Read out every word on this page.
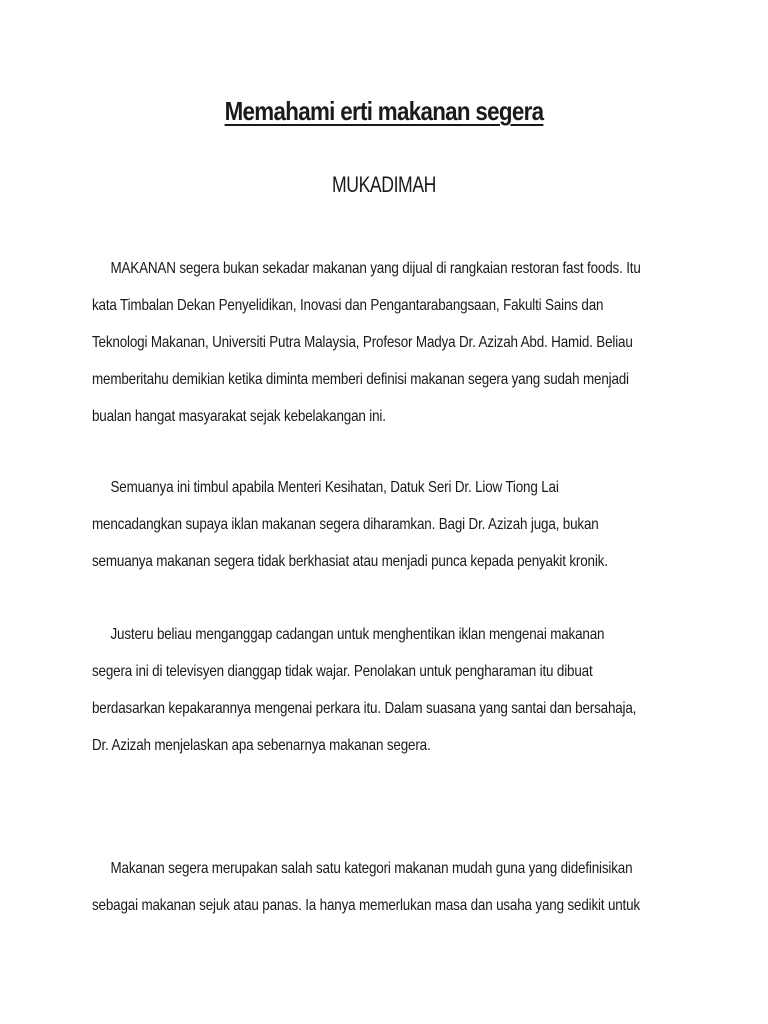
Memahami erti makanan segera
MUKADIMAH
MAKANAN segera bukan sekadar makanan yang dijual di rangkaian restoran fast foods. Itu
kata Timbalan Dekan Penyelidikan, Inovasi dan Pengantarabangsaan, Fakulti Sains dan
Teknologi Makanan, Universiti Putra Malaysia, Profesor Madya Dr. Azizah Abd. Hamid. Beliau
memberitahu demikian ketika diminta memberi definisi makanan segera yang sudah menjadi
bualan hangat masyarakat sejak kebelakangan ini.
Semuanya ini timbul apabila Menteri Kesihatan, Datuk Seri Dr. Liow Tiong Lai
mencadangkan supaya iklan makanan segera diharamkan. Bagi Dr. Azizah juga, bukan
semuanya makanan segera tidak berkhasiat atau menjadi punca kepada penyakit kronik.
Justeru beliau menganggap cadangan untuk menghentikan iklan mengenai makanan
segera ini di televisyen dianggap tidak wajar. Penolakan untuk pengharaman itu dibuat
berdasarkan kepakarannya mengenai perkara itu. Dalam suasana yang santai dan bersahaja,
Dr. Azizah menjelaskan apa sebenarnya makanan segera.
Makanan segera merupakan salah satu kategori makanan mudah guna yang didefinisikan
sebagai makanan sejuk atau panas. Ia hanya memerlukan masa dan usaha yang sedikit untuk
